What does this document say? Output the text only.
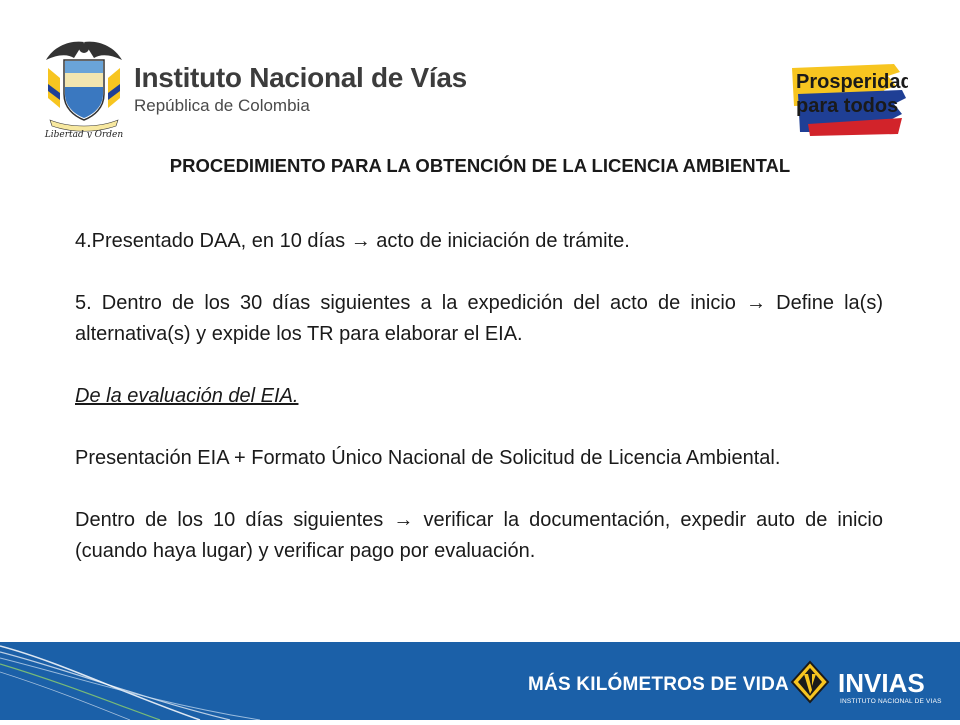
Libertad y Orden
Instituto Nacional de Vías
República de Colombia
Prosperidad
para todos
PROCEDIMIENTO PARA LA OBTENCIÓN DE LA LICENCIA AMBIENTAL

4.Presentado DAA, en 10 días → acto de iniciación de trámite.

5. Dentro de los 30 días siguientes a la expedición del acto de inicio → Define la(s) alternativa(s) y expide los TR para elaborar el EIA.

De la evaluación del EIA.

Presentación EIA + Formato Único Nacional de Solicitud de Licencia Ambiental.

Dentro de los 10 días siguientes → verificar la documentación, expedir auto de inicio (cuando haya lugar) y verificar pago por evaluación.

MÁS KILÓMETROS DE VIDA INVIAS
INSTITUTO NACIONAL DE VIAS
